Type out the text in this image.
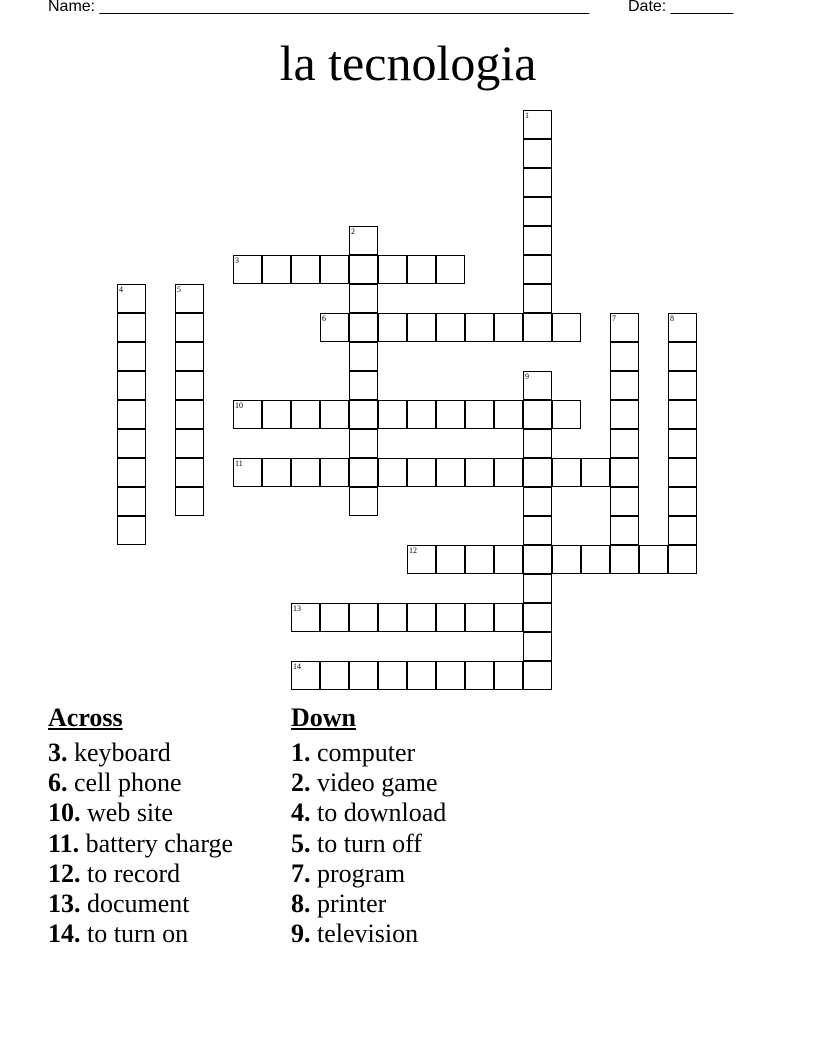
Name: _______________________________________________________ Date: _______
la tecnologia
3
6
10
11
12
13
14
1
2
4	5
7	8
9
Across
3. keyboard
6. cell phone
10. web site
11. battery charge
12. to record
13. document
14. to turn on
Down
1. computer
2. video game
4. to download
5. to turn off
7. program
8. printer
9. television
